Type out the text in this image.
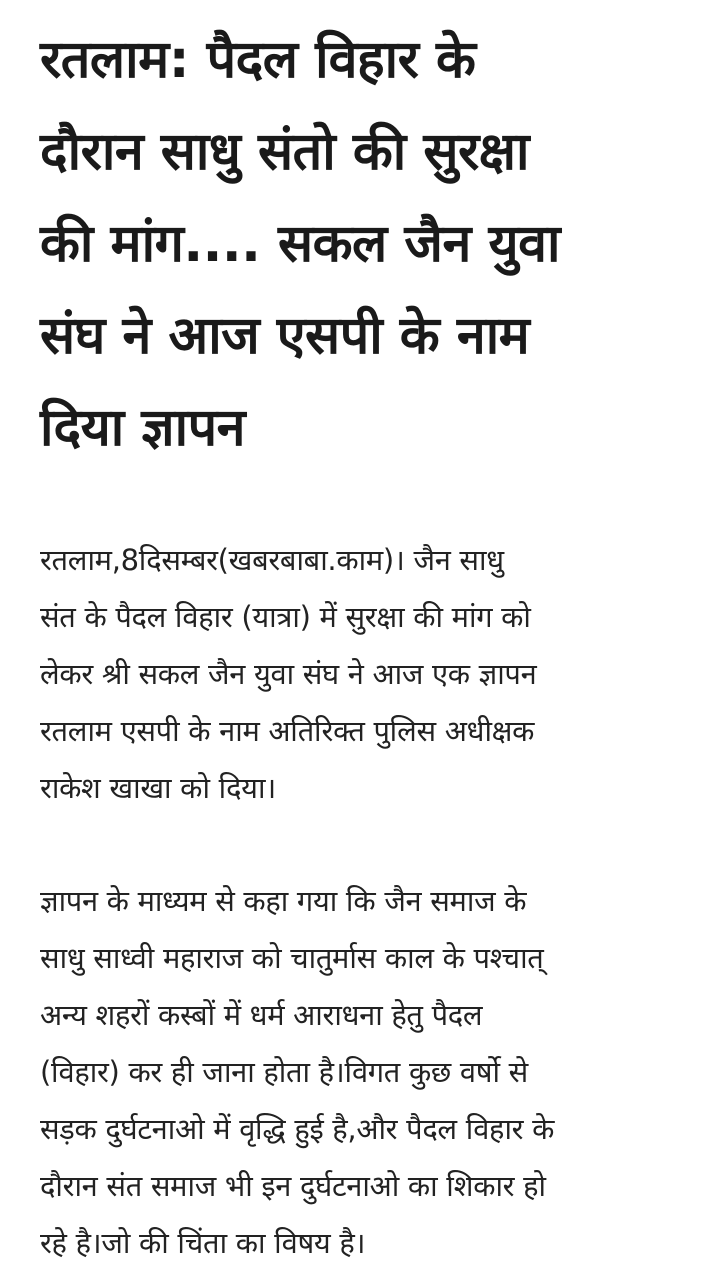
रतलाम: पैदल विहार के
दौरान साधु संतो की सुरक्षा
की मांग.... सकल जैन युवा
संघ ने आज एसपी के नाम
दिया ज्ञापन

रतलाम,8दिसम्बर(खबरबाबा.काम)। जैन साधु
संत के पैदल विहार (यात्रा) में सुरक्षा की मांग को
लेकर श्री सकल जैन युवा संघ ने आज एक ज्ञापन
रतलाम एसपी के नाम अतिरिक्त पुलिस अधीक्षक
राकेश खाखा को दिया।

ज्ञापन के माध्यम से कहा गया कि जैन समाज के
साधु साध्वी महाराज को चातुर्मास काल के पश्चात्
अन्य शहरों कस्बों में धर्म आराधना हेतु पैदल
(विहार) कर ही जाना होता है।विगत कुछ वर्षो से
सड़क दुर्घटनाओ में वृद्धि हुई है,और पैदल विहार के
दौरान संत समाज भी इन दुर्घटनाओ का शिकार हो
रहे है।जो की चिंता का विषय है।
